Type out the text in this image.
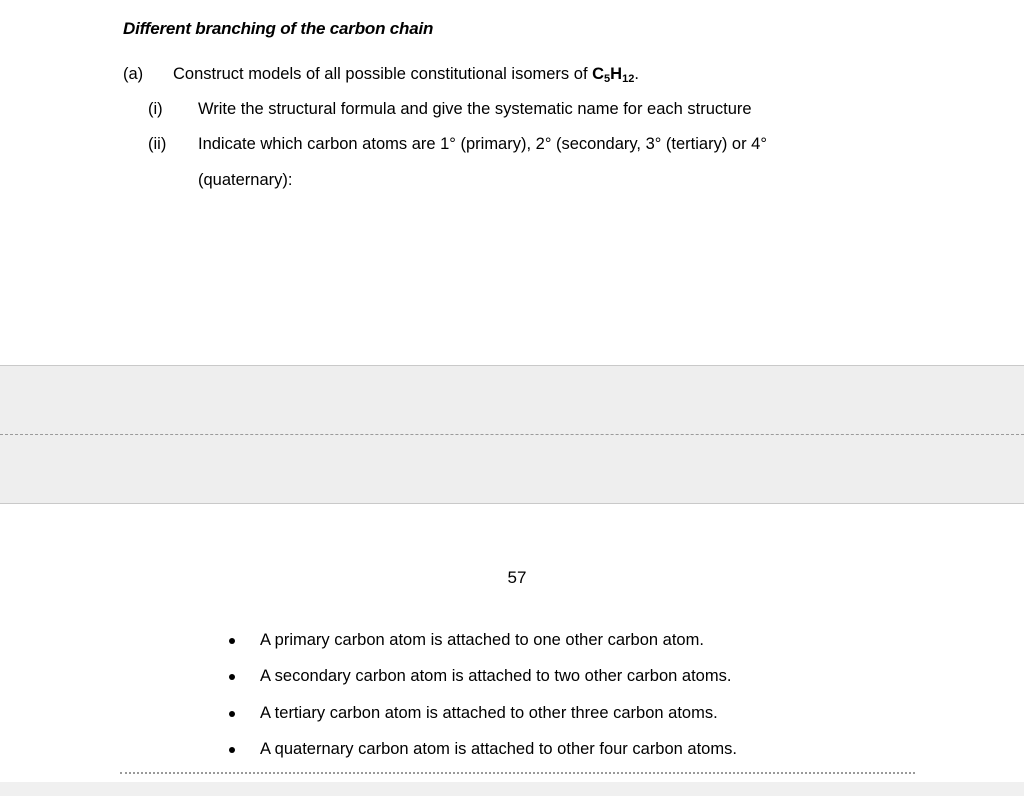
Different branching of the carbon chain
(a) Construct models of all possible constitutional isomers of $C_5H_{12}$.
(i) Write the structural formula and give the systematic name for each structure
(ii) Indicate which carbon atoms are 1° (primary), 2° (secondary, 3° (tertiary) or 4°
(quaternary):
57
A primary carbon atom is attached to one other carbon atom.
A secondary carbon atom is attached to two other carbon atoms.
A tertiary carbon atom is attached to other three carbon atoms.
A quaternary carbon atom is attached to other four carbon atoms.
